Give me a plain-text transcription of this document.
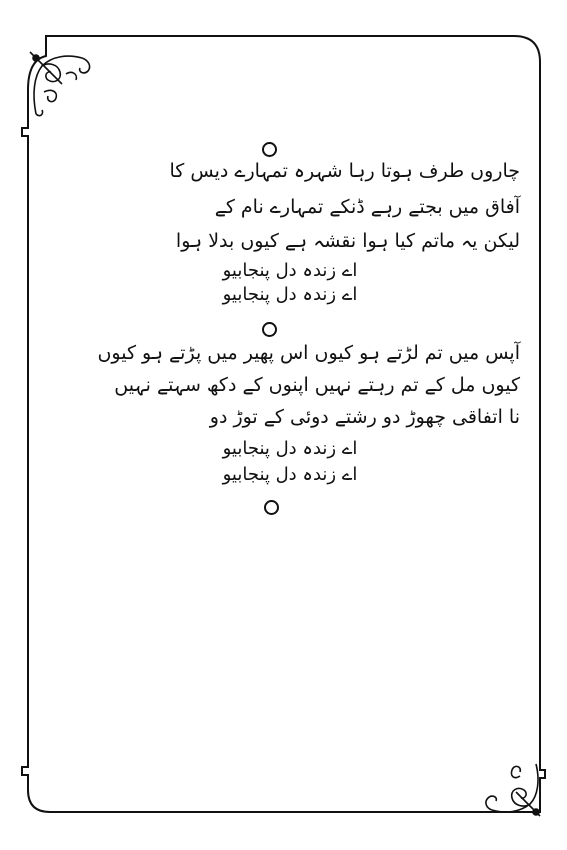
چاروں طرف ہوتا رہا شہرہ تمہارے دیس کا
آفاق میں بجتے رہے ڈنکے تمہارے نام کے
لیکن یہ ماتم کیا ہوا نقشہ ہے کیوں بدلا ہوا
اے زندہ دل پنجابیو
اے زندہ دل پنجابیو
آپس میں تم لڑتے ہو کیوں اس پھیر میں پڑتے ہو کیوں
کیوں مل کے تم رہتے نہیں اپنوں کے دکھ سہتے نہیں
نا اتفاقی چھوڑ دو رشتے دوئی کے توڑ دو
اے زندہ دل پنجابیو
اے زندہ دل پنجابیو
